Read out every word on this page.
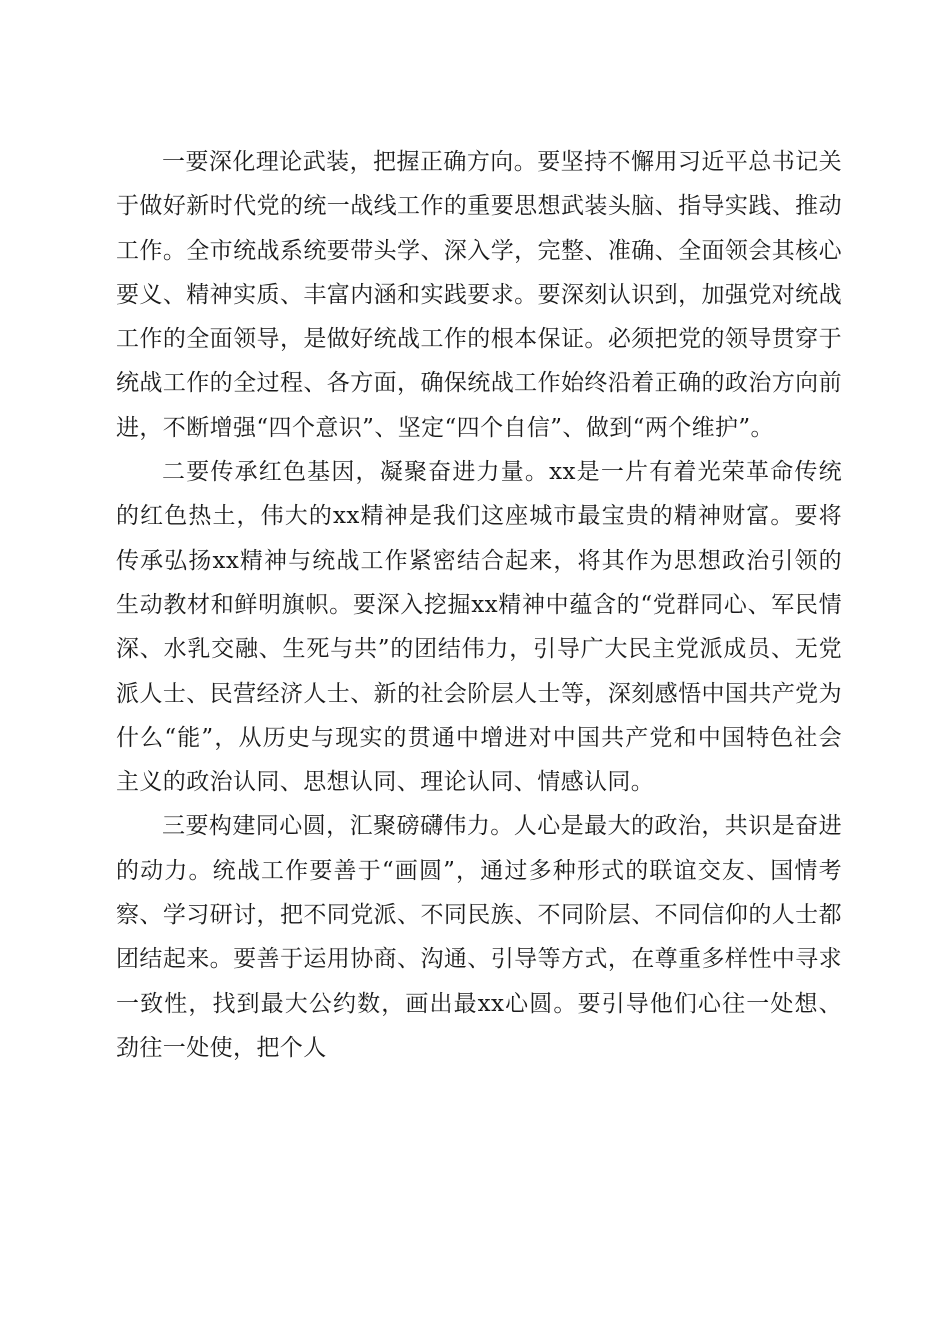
一要深化理论武装，把握正确方向。要坚持不懈用习近平总书记关于做好新时代党的统一战线工作的重要思想武装头脑、指导实践、推动工作。全市统战系统要带头学、深入学，完整、准确、全面领会其核心要义、精神实质、丰富内涵和实践要求。要深刻认识到，加强党对统战工作的全面领导，是做好统战工作的根本保证。必须把党的领导贯穿于统战工作的全过程、各方面，确保统战工作始终沿着正确的政治方向前进，不断增强“四个意识”、坚定“四个自信”、做到“两个维护”。

二要传承红色基因，凝聚奋进力量。xx是一片有着光荣革命传统的红色热土，伟大的xx精神是我们这座城市最宝贵的精神财富。要将传承弘扬xx精神与统战工作紧密结合起来，将其作为思想政治引领的生动教材和鲜明旗帜。要深入挖掘xx精神中蕴含的“党群同心、军民情深、水乳交融、生死与共”的团结伟力，引导广大民主党派成员、无党派人士、民营经济人士、新的社会阶层人士等，深刻感悟中国共产党为什么“能”，从历史与现实的贯通中增进对中国共产党和中国特色社会主义的政治认同、思想认同、理论认同、情感认同。

三要构建同心圆，汇聚磅礴伟力。人心是最大的政治，共识是奋进的动力。统战工作要善于“画圆”，通过多种形式的联谊交友、国情考察、学习研讨，把不同党派、不同民族、不同阶层、不同信仰的人士都团结起来。要善于运用协商、沟通、引导等方式，在尊重多样性中寻求一致性，找到最大公约数，画出最xx心圆。要引导他们心往一处想、劲往一处使，把个人
